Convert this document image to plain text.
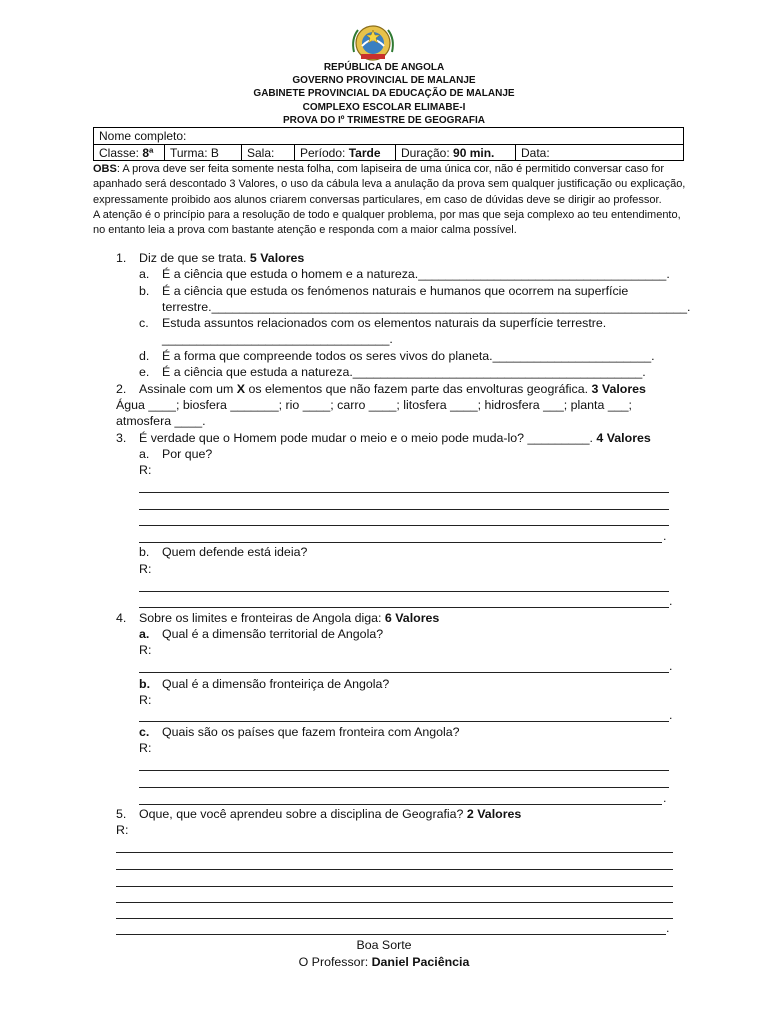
REPÚBLICA DE ANGOLA
GOVERNO PROVINCIAL DE MALANJE
GABINETE PROVINCIAL DA EDUCAÇÃO DE MALANJE
COMPLEXO ESCOLAR ELIMABE-I
PROVA DO Iº TRIMESTRE DE GEOGRAFIA
Nome completo:
Classe: 8ª	Turma: B	Sala:	Período: Tarde	Duração: 90 min.	Data:

OBS: A prova deve ser feita somente nesta folha, com lapiseira de uma única cor, não é permitido conversar caso for apanhado será descontado 3 Valores, o uso da cábula leva a anulação da prova sem qualquer justificação ou explicação, expressamente proibido aos alunos criarem conversas particulares, em caso de dúvidas deve se dirigir ao professor.

A atenção é o princípio para a resolução de todo e qualquer problema, por mas que seja complexo ao teu entendimento, no entanto leia a prova com bastante atenção e responda com a maior calma possível.

1. Diz de que se trata. 5 Valores
a. É a ciência que estuda o homem e a natureza.____________________________________.
b. É a ciência que estuda os fenómenos naturais e humanos que ocorrem na superfície
terrestre._____________________________________________________________________.
c. Estuda assuntos relacionados com os elementos naturais da superfície terrestre.
_________________________________.
d. É a forma que compreende todos os seres vivos do planeta._______________________.
e. É a ciência que estuda a natureza.__________________________________________.
2. Assinale com um X os elementos que não fazem parte das envolturas geográfica. 3 Valores
Água ____; biosfera _______; rio ____; carro ____; litosfera ____; hidrosfera ___; planta ___;
atmosfera ____.
3. É verdade que o Homem pode mudar o meio e o meio pode muda-lo? _________. 4 Valores
a. Por que?
R:
.
b. Quem defende está ideia?
R:
.
4. Sobre os limites e fronteiras de Angola diga: 6 Valores
a. Qual é a dimensão territorial de Angola?
R:
.
b. Qual é a dimensão fronteiriça de Angola?
R:
.
c. Quais são os países que fazem fronteira com Angola?
R:
.
5. Oque, que você aprendeu sobre a disciplina de Geografia? 2 Valores
R:
.
Boa Sorte
O Professor: Daniel Paciência
